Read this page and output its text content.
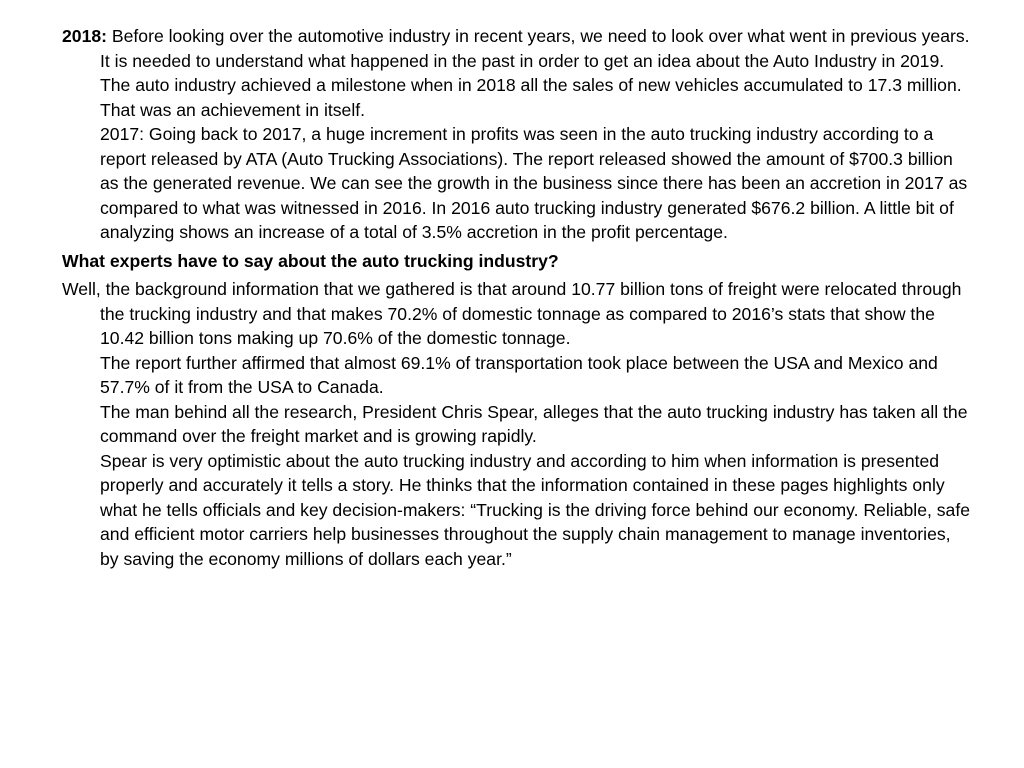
2018: Before looking over the automotive industry in recent years, we need to look over what went in previous years. It is needed to understand what happened in the past in order to get an idea about the Auto Industry in 2019. The auto industry achieved a milestone when in 2018 all the sales of new vehicles accumulated to 17.3 million. That was an achievement in itself.
2017: Going back to 2017, a huge increment in profits was seen in the auto trucking industry according to a report released by ATA (Auto Trucking Associations). The report released showed the amount of $700.3 billion as the generated revenue. We can see the growth in the business since there has been an accretion in 2017 as compared to what was witnessed in 2016. In 2016 auto trucking industry generated $676.2 billion. A little bit of analyzing shows an increase of a total of 3.5% accretion in the profit percentage.
What experts have to say about the auto trucking industry?
Well, the background information that we gathered is that around 10.77 billion tons of freight were relocated through the trucking industry and that makes 70.2% of domestic tonnage as compared to 2016’s stats that show the 10.42 billion tons making up 70.6% of the domestic tonnage.
The report further affirmed that almost 69.1% of transportation took place between the USA and Mexico and 57.7% of it from the USA to Canada.
The man behind all the research, President Chris Spear, alleges that the auto trucking industry has taken all the command over the freight market and is growing rapidly.
Spear is very optimistic about the auto trucking industry and according to him when information is presented properly and accurately it tells a story. He thinks that the information contained in these pages highlights only what he tells officials and key decision-makers: “Trucking is the driving force behind our economy. Reliable, safe and efficient motor carriers help businesses throughout the supply chain management to manage inventories, by saving the economy millions of dollars each year.”
